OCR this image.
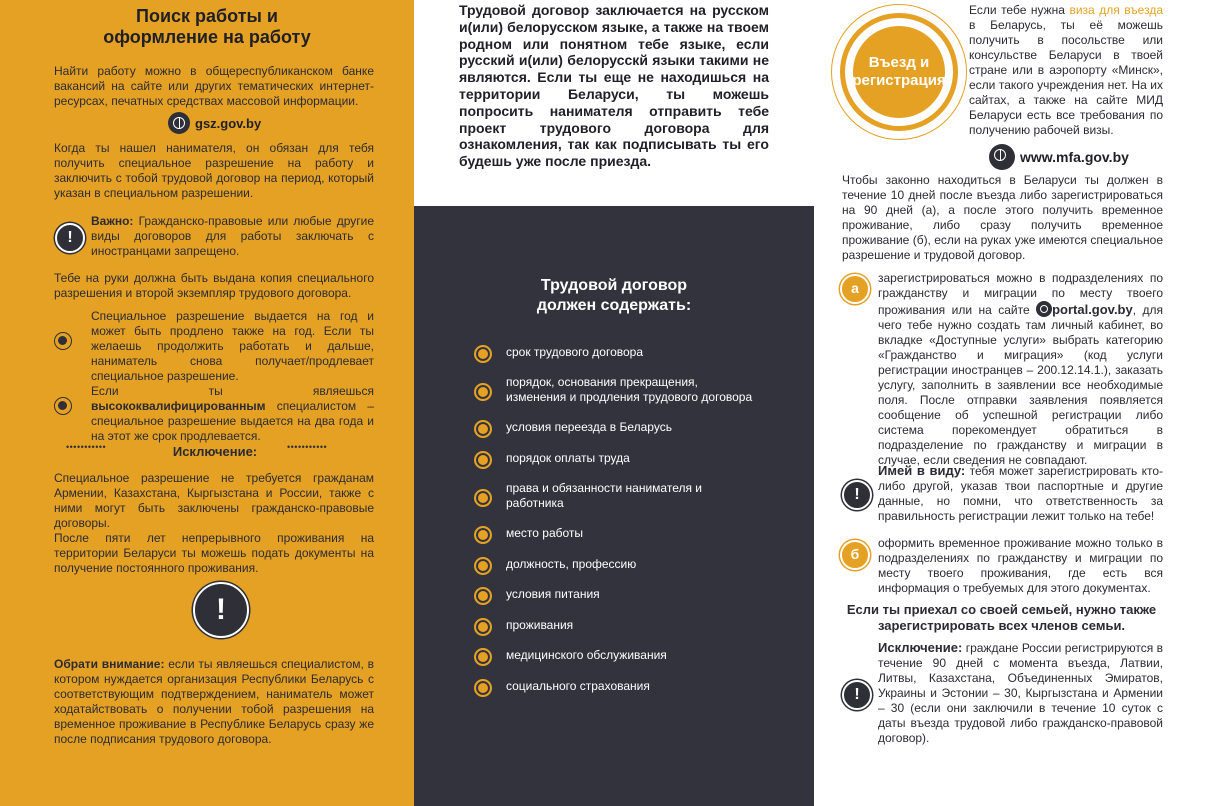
Поиск работы и
оформление на работу

Найти работу можно в общереспубликанском банке вакансий на сайте или других тематических интернет-ресурсах, печатных средствах массовой информации.

gsz.gov.by

Когда ты нашел нанимателя, он обязан для тебя получить специальное разрешение на работу и заключить с тобой трудовой договор на период, который указан в специальном разрешении.

!

Важно: Гражданско-правовые или любые другие виды договоров для работы заключать с иностранцами запрещено.

Тебе на руки должна быть выдана копия специального разрешения и второй экземпляр трудового договора.

Специальное разрешение выдается на год и может быть продлено также на год. Если ты желаешь продолжить работать и дальше, наниматель снова получает/продлевает специальное разрешение.

Если ты являешься высококвалифицированным специалистом – специальное разрешение выдается на два года и на этот же срок продлевается.

•••••••••••	Исключение:	•••••••••••

Специальное разрешение не требуется гражданам Армении, Казахстана, Кыргызстана и России, также с ними могут быть заключены гражданско-правовые договоры.

После пяти лет непрерывного проживания на территории Беларуси ты можешь подать документы на получение постоянного проживания.

!

Обрати внимание: если ты являешься специалистом, в котором нуждается организация Республики Беларусь с соответствующим подтверждением, наниматель может ходатайствовать о получении тобой разрешения на временное проживание в Республике Беларусь сразу же после подписания трудового договора.

Трудовой договор заключается на русском и(или) белорусском языке, а также на твоем родном или понятном тебе языке, если русский и(или) белорусскй языки такими не являются. Если ты еще не находишься на территории Беларуси, ты можешь попросить нанимателя отправить тебе проект трудового договора для ознакомления, так как подписывать ты его будешь уже после приезда.

Трудовой договор
должен содержать:
срок трудового договора
порядок, основания прекращения, изменения и продления трудового договора
условия переезда в Беларусь
порядок оплаты труда
права и обязанности нанимателя и работника
место работы
должность, профессию
условия питания
проживания
медицинского обслуживания
социального страхования
Въезд и
регистрация

Если тебе нужна виза для въезда в Беларусь, ты её можешь получить в посольстве или консульстве Беларуси в твоей стране или в аэропорту «Минск», если такого учреждения нет. На их сайтах, а также на сайте МИД Беларуси есть все требования по получению рабочей визы.

www.mfa.gov.by

Чтобы законно находиться в Беларуси ты должен в течение 10 дней после въезда либо зарегистрироваться на 90 дней (а), а после этого получить временное проживание, либо сразу получить временное проживание (б), если на руках уже имеются специальное разрешение и трудовой договор.

а

зарегистрироваться можно в подразделениях по гражданству и миграции по месту твоего проживания или на сайте portal.gov.by, для чего тебе нужно создать там личный кабинет, во вкладке «Доступные услуги» выбрать категорию «Гражданство и миграция» (код услуги регистрации иностранцев – 200.12.14.1.), заказать услугу, заполнить в заявлении все необходимые поля. После отправки заявления появляется сообщение об успешной регистрации либо система порекомендует обратиться в подразделение по гражданству и миграции в случае, если сведения не совпадают.

!

Имей в виду: тебя может зарегистрировать кто-либо другой, указав твои паспортные и другие данные, но помни, что ответственность за правильность регистрации лежит только на тебе!

б

оформить временное проживание можно только в подразделениях по гражданству и миграции по месту твоего проживания, где есть вся информация о требуемых для этого документах.

Если ты приехал со своей семьей, нужно также зарегистрировать всех членов семьи.

!

Исключение: граждане России регистрируются в течение 90 дней с момента въезда, Латвии, Литвы, Казахстана, Объединенных Эмиратов, Украины и Эстонии – 30, Кыргызстана и Армении – 30 (если они заключили в течение 10 суток с даты въезда трудовой либо гражданско-правовой договор).
